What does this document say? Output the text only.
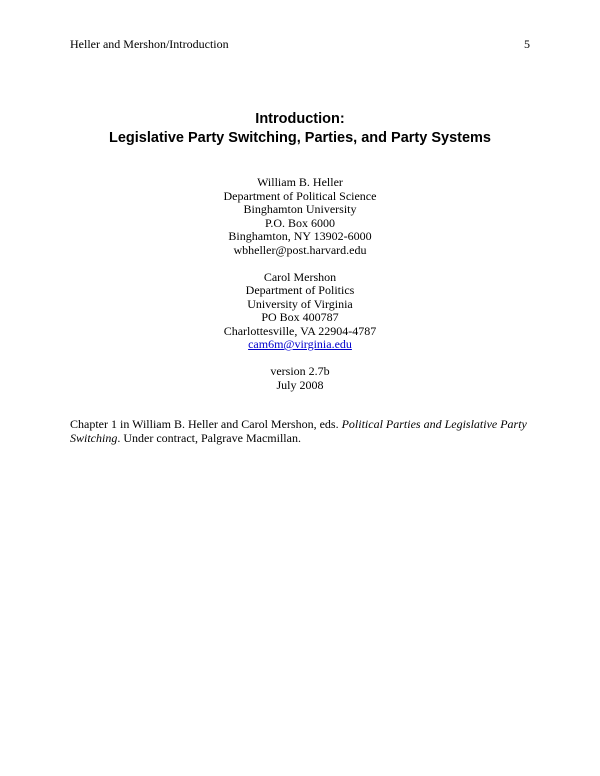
Heller and Mershon/Introduction	5
Introduction:
Legislative Party Switching, Parties, and Party Systems
William B. Heller
Department of Political Science
Binghamton University
P.O. Box 6000
Binghamton, NY 13902-6000
wbheller@post.harvard.edu
Carol Mershon
Department of Politics
University of Virginia
PO Box 400787
Charlottesville, VA 22904-4787
cam6m@virginia.edu
version 2.7b
July 2008
Chapter 1 in William B. Heller and Carol Mershon, eds. Political Parties and Legislative Party Switching. Under contract, Palgrave Macmillan.
